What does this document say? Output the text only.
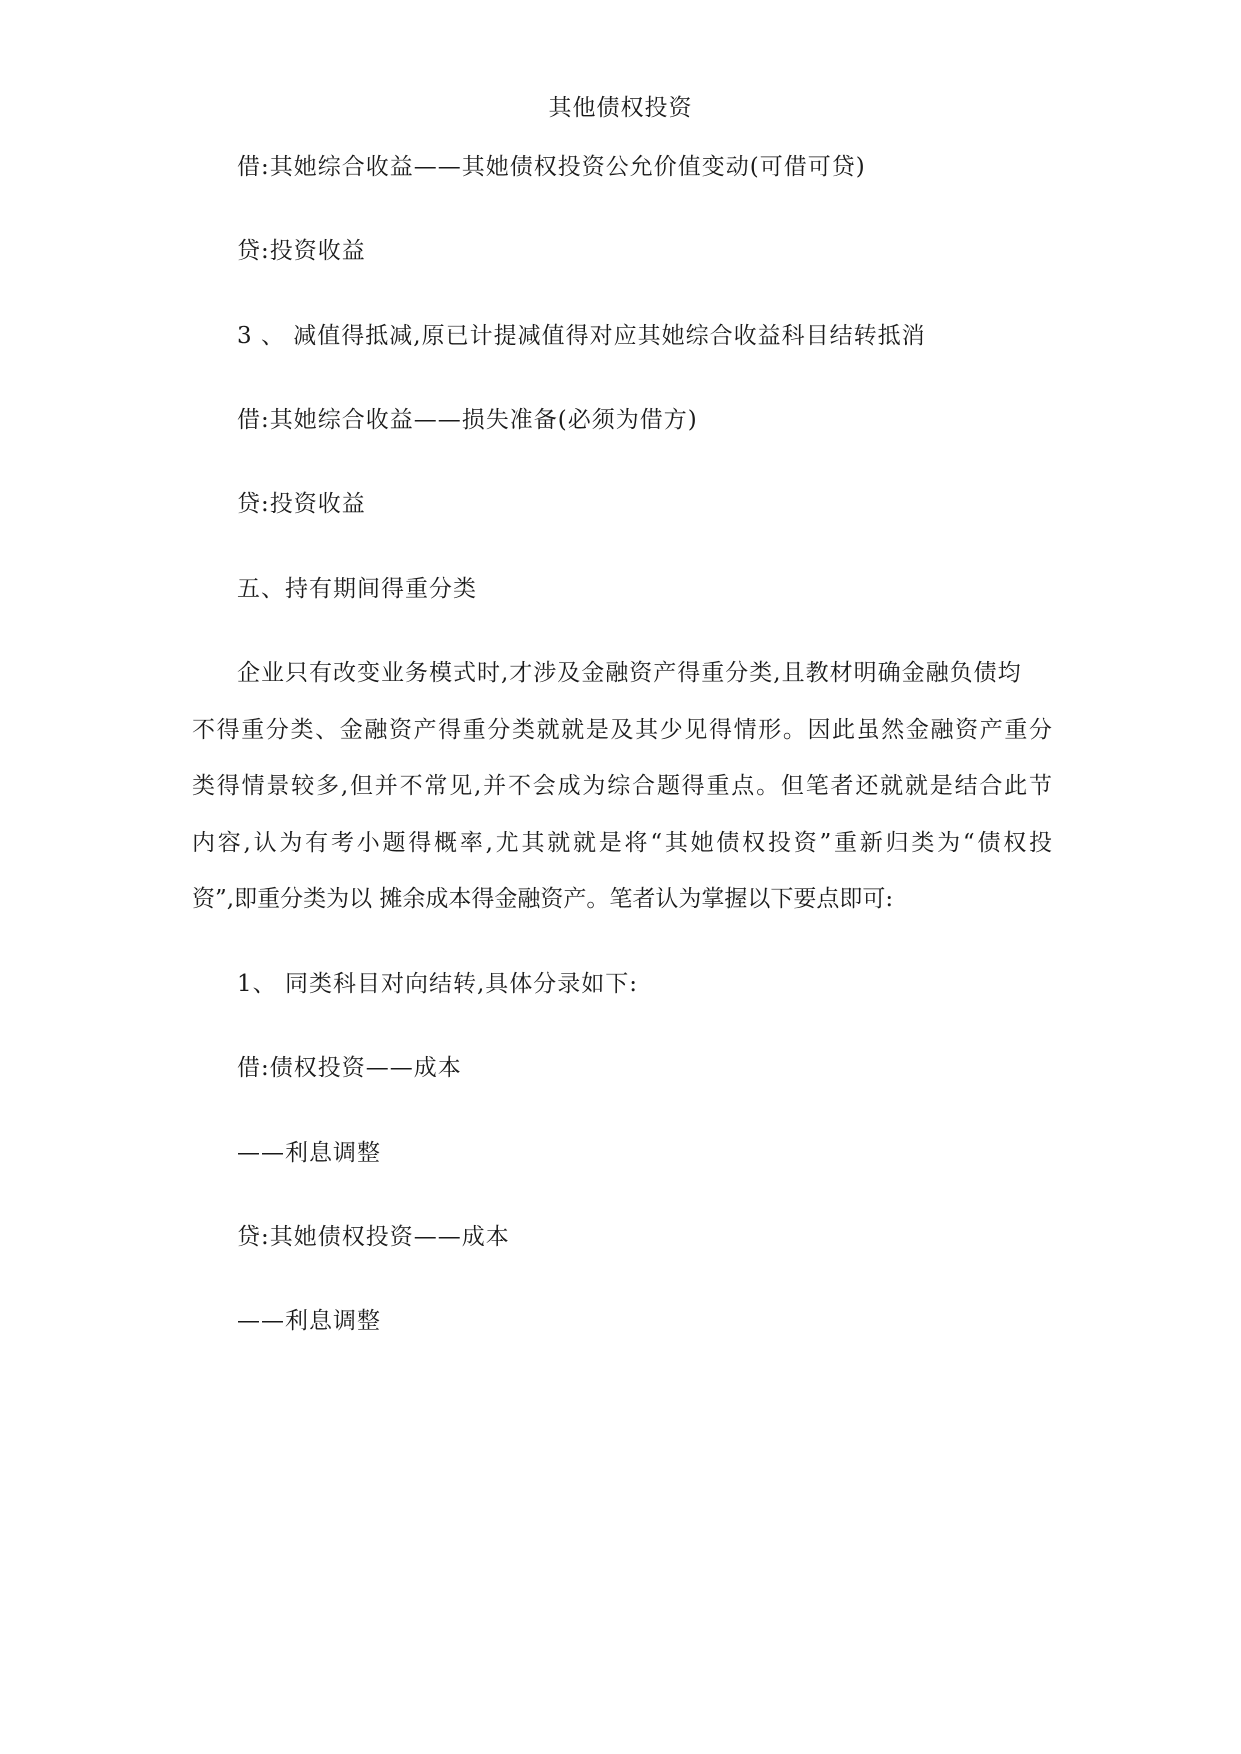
其他债权投资
借:其她综合收益——其她债权投资公允价值变动(可借可贷)
贷:投资收益
3 、 减值得抵减,原已计提减值得对应其她综合收益科目结转抵消
借:其她综合收益——损失准备(必须为借方)
贷:投资收益
五、持有期间得重分类
企业只有改变业务模式时,才涉及金融资产得重分类,且教材明确金融负债均
不得重分类、金融资产得重分类就就是及其少见得情形。因此虽然金融资产重分
类得情景较多,但并不常见,并不会成为综合题得重点。但笔者还就就是结合此节
内容,认为有考小题得概率,尤其就就是将“其她债权投资”重新归类为“债权投
资”,即重分类为以 摊余成本得金融资产。笔者认为掌握以下要点即可:
1、 同类科目对向结转,具体分录如下:
借:债权投资——成本
——利息调整
贷:其她债权投资——成本
——利息调整
